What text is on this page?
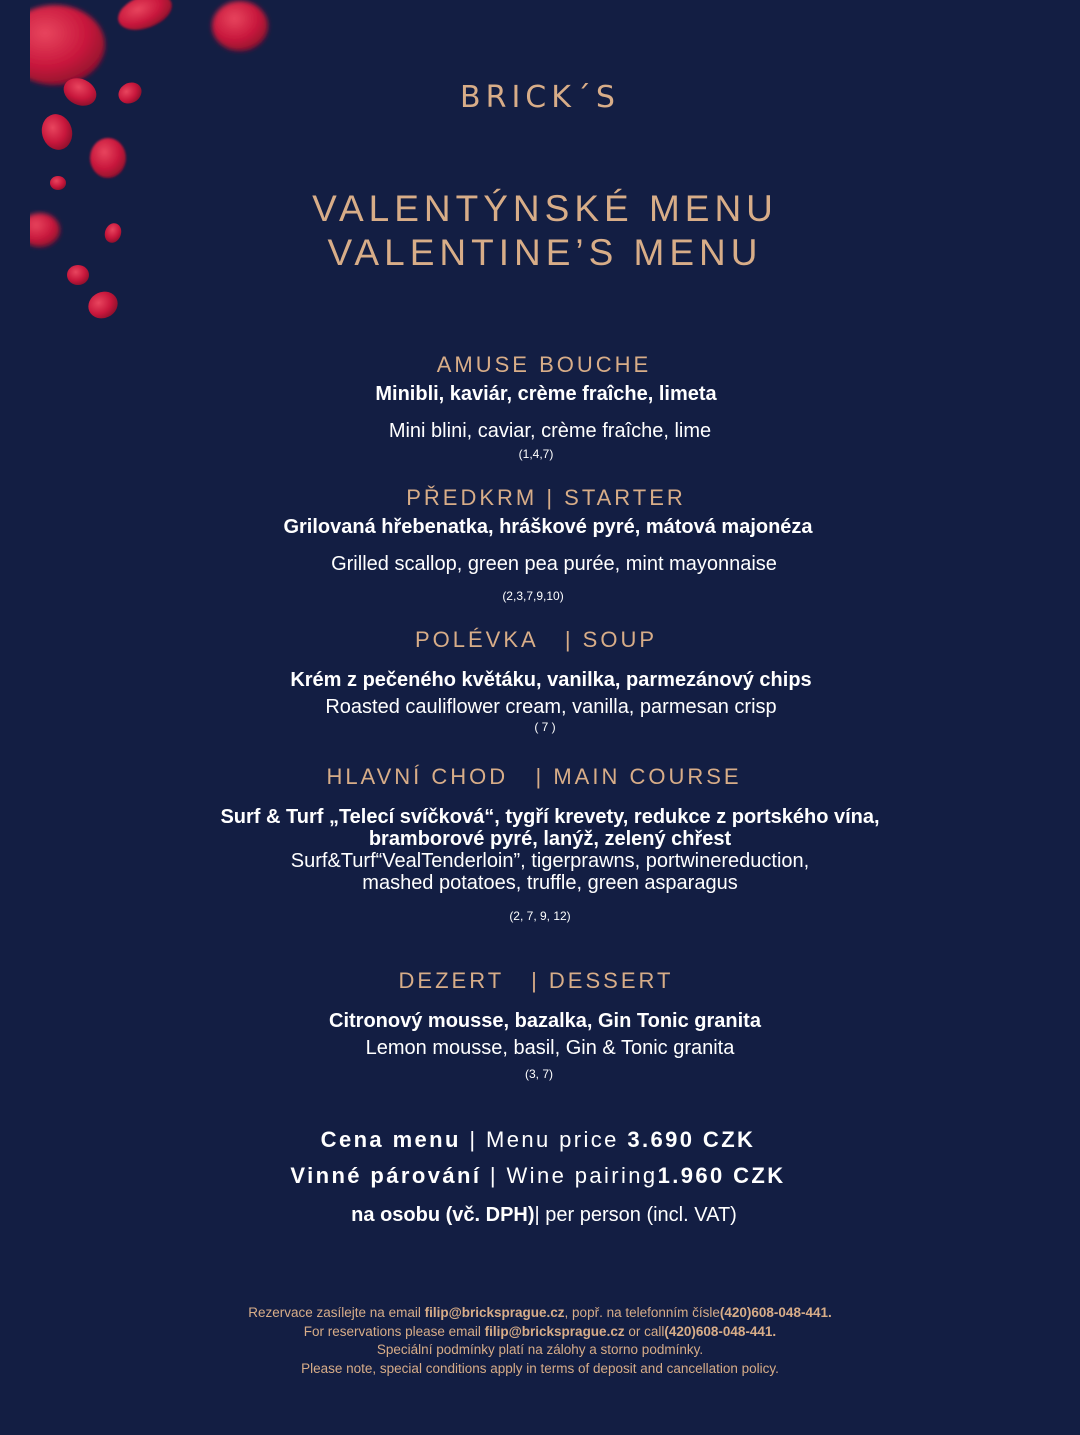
BRICK´S
VALENTÝNSKÉ MENU
VALENTINE’S MENU
AMUSE BOUCHE
Minibli, kaviár, crème fraîche, limeta
Mini blini, caviar, crème fraîche, lime
(1,4,7)
PŘEDKRM | STARTER
Grilovaná hřebenatka, hráškové pyré, mátová majonéza
Grilled scallop, green pea purée, mint mayonnaise
(2,3,7,9,10)
POLÉVKA   | SOUP
Krém z pečeného květáku, vanilka, parmezánový chips
Roasted cauliflower cream, vanilla, parmesan crisp
( 7 )
HLAVNÍ CHOD   | MAIN COURSE
Surf & Turf „Telecí svíčková“, tygří krevety, redukce z portského vína,
bramborové pyré, lanýž, zelený chřest
Surf&Turf“VealTenderloin”, tigerprawns, portwinereduction,
mashed potatoes, truffle, green asparagus
(2, 7, 9, 12)
DEZERT   | DESSERT
Citronový mousse, bazalka, Gin Tonic granita
Lemon mousse, basil, Gin & Tonic granita
(3, 7)
Cena menu | Menu price 3.690 CZK
Vinné párování | Wine pairing1.960 CZK
na osobu (vč. DPH)| per person (incl. VAT)
Rezervace zasílejte na email filip@bricksprague.cz, popř. na telefonním čísle(420)608-048-441.
For reservations please email filip@bricksprague.cz or call(420)608-048-441.
Speciální podmínky platí na zálohy a storno podmínky.
Please note, special conditions apply in terms of deposit and cancellation policy.
